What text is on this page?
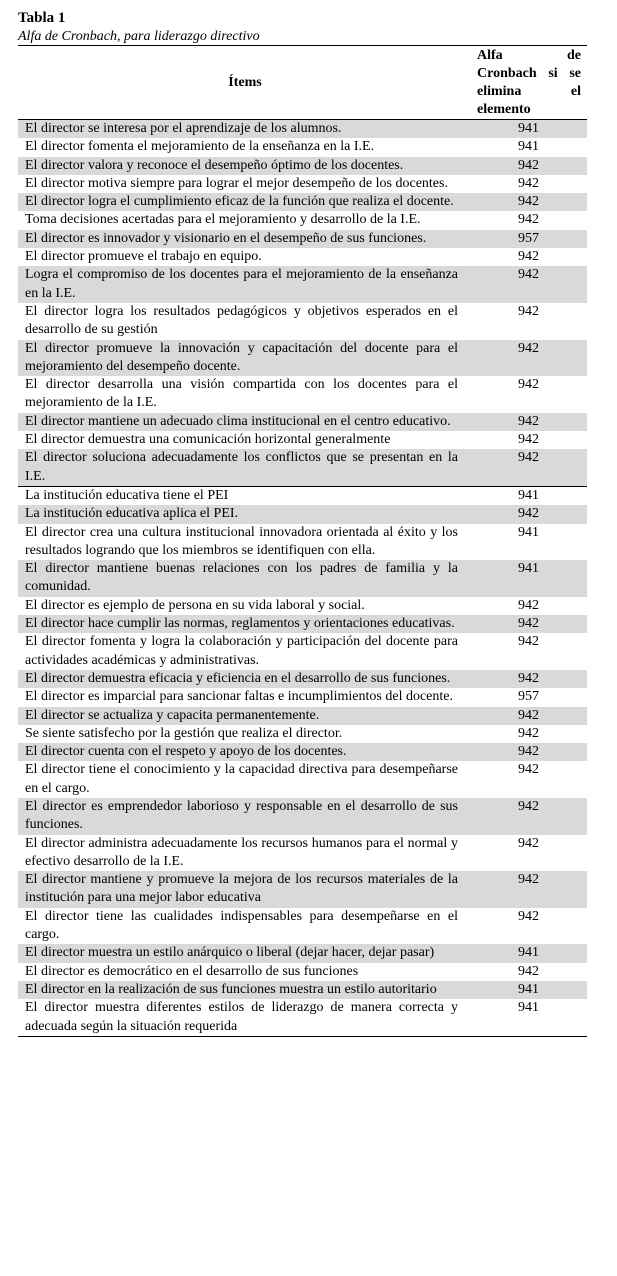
Tabla 1
Alfa de Cronbach, para liderazgo directivo
Ítems	Alfa de Cronbach si se elimina el elemento
El director se interesa por el aprendizaje de los alumnos.	941
El director fomenta el mejoramiento de la enseñanza en la I.E.	941
El director valora y reconoce el desempeño óptimo de los docentes.	942
El director motiva siempre para lograr el mejor desempeño de los docentes.	942
El director logra el cumplimiento eficaz de la función que realiza el docente.	942
Toma decisiones acertadas para el mejoramiento y desarrollo de la I.E.	942
El director es innovador y visionario en el desempeño de sus funciones.	957
El director promueve el trabajo en equipo.	942
Logra el compromiso de los docentes para el mejoramiento de la enseñanza en la I.E.	942
El director logra los resultados pedagógicos y objetivos esperados en el desarrollo de su gestión	942
El director promueve la innovación y capacitación del docente para el mejoramiento del desempeño docente.	942
El director desarrolla una visión compartida con los docentes para el mejoramiento de la I.E.	942
El director mantiene un adecuado clima institucional en el centro educativo.	942
El director demuestra una comunicación horizontal generalmente	942
El director soluciona adecuadamente los conflictos que se presentan en la I.E.	942
La institución educativa tiene el PEI	941
La institución educativa aplica el PEI.	942
El director crea una cultura institucional innovadora orientada al éxito y los resultados logrando que los miembros se identifiquen con ella.	941
El director mantiene buenas relaciones con los padres de familia y la comunidad.	941
El director es ejemplo de persona en su vida laboral y social.	942
El director hace cumplir las normas, reglamentos y orientaciones educativas.	942
El director fomenta y logra la colaboración y participación del docente para actividades académicas y administrativas.	942
El director demuestra eficacia y eficiencia en el desarrollo de sus funciones.	942
El director es imparcial para sancionar faltas e incumplimientos del docente.	957
El director se actualiza y capacita permanentemente.	942
Se siente satisfecho por la gestión que realiza el director.	942
El director cuenta con el respeto y apoyo de los docentes.	942
El director tiene el conocimiento y la capacidad directiva para desempeñarse en el cargo.	942
El director es emprendedor laborioso y responsable en el desarrollo de sus funciones.	942
El director administra adecuadamente los recursos humanos para el normal y efectivo desarrollo de la I.E.	942
El director mantiene y promueve la mejora de los recursos materiales de la institución para una mejor labor educativa	942
El director tiene las cualidades indispensables para desempeñarse en el cargo.	942
El director muestra un estilo anárquico o liberal (dejar hacer, dejar pasar)	941
El director es democrático en el desarrollo de sus funciones	942
El director en la realización de sus funciones muestra un estilo autoritario	941
El director muestra diferentes estilos de liderazgo de manera correcta y adecuada según la situación requerida	941
